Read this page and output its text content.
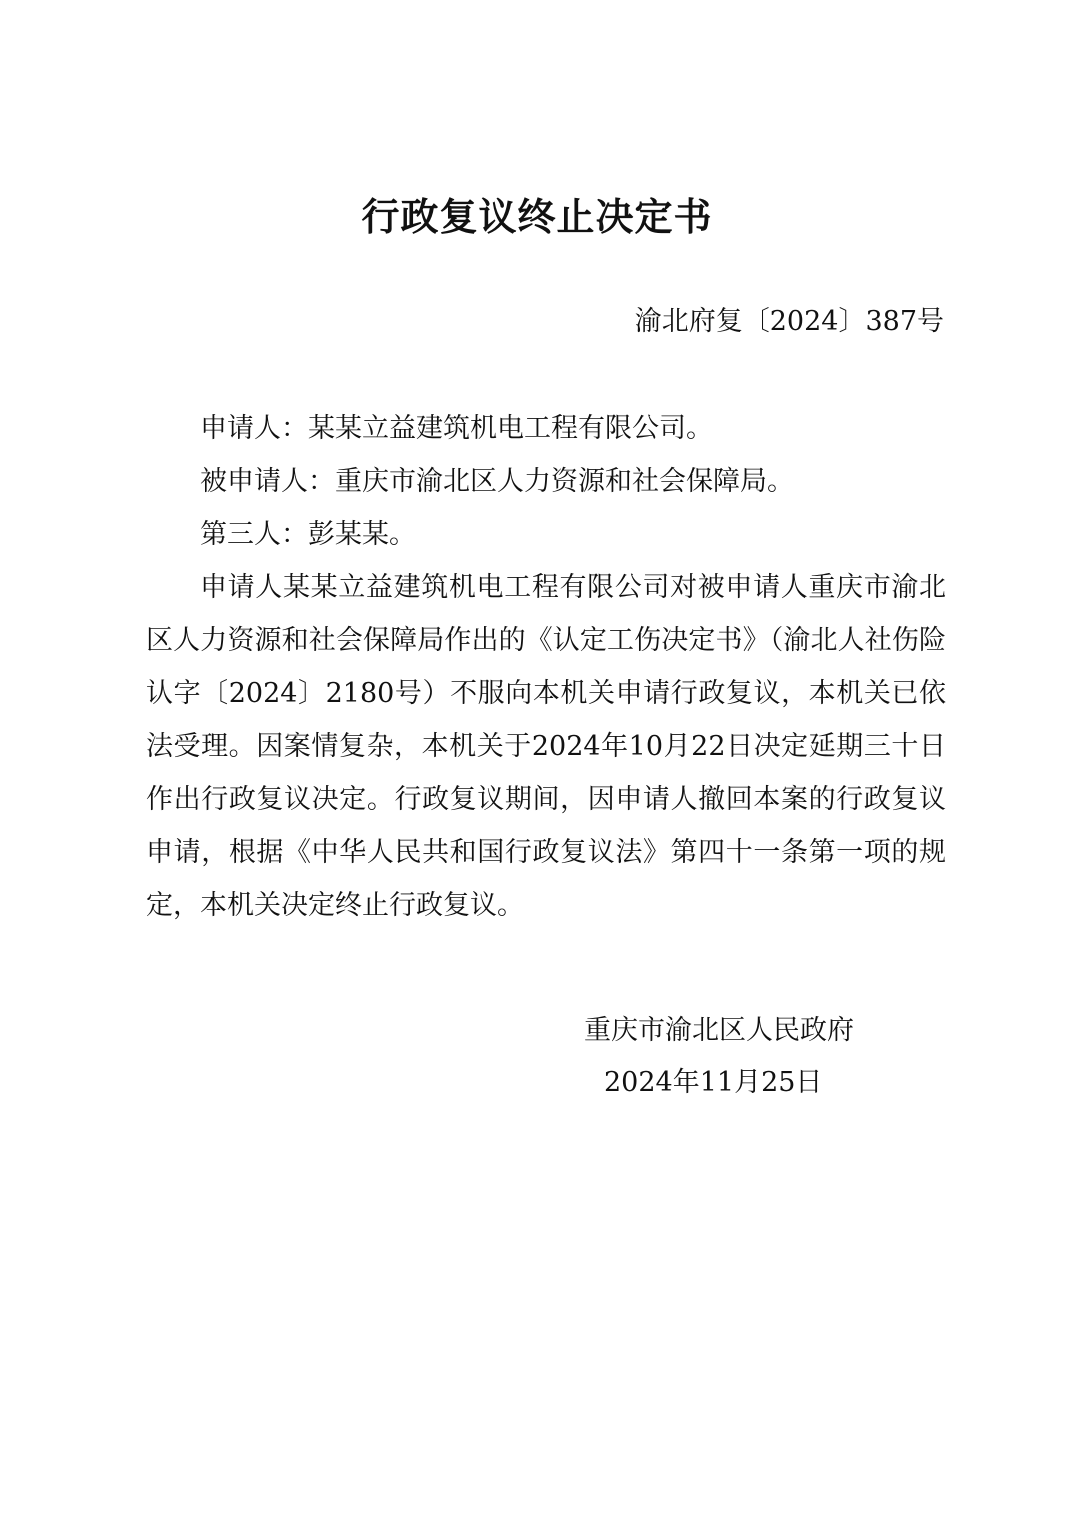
行政复议终止决定书
渝北府复〔2024〕387号

申请人：某某立益建筑机电工程有限公司。

被申请人：重庆市渝北区人力资源和社会保障局。

第三人：彭某某。

申请人某某立益建筑机电工程有限公司对被申请人重庆市渝北区人力资源和社会保障局作出的《认定工伤决定书》（渝北人社伤险认字〔2024〕2180号）不服向本机关申请行政复议，本机关已依法受理。因案情复杂，本机关于2024年10月22日决定延期三十日作出行政复议决定。行政复议期间，因申请人撤回本案的行政复议申请，根据《中华人民共和国行政复议法》第四十一条第一项的规定，本机关决定终止行政复议。

重庆市渝北区人民政府
2024年11月25日
